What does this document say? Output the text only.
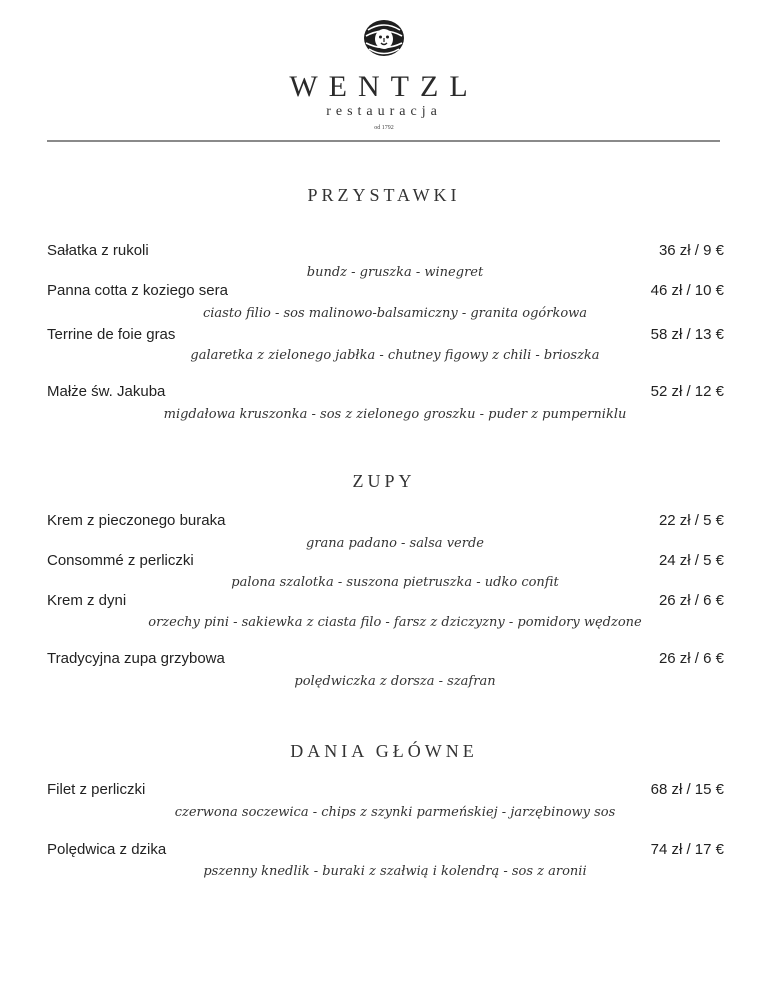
WENTZL
restauracja
od 1792
PRZYSTAWKI
Sałatka z rukoli	36 zł / 9 €
bundz - gruszka - winegret
Panna cotta z koziego sera	46 zł / 10 €
ciasto filio - sos malinowo-balsamiczny - granita ogórkowa
Terrine de foie gras	58 zł / 13 €
galaretka z zielonego jabłka - chutney figowy z chili - brioszka
Małże św. Jakuba	52 zł / 12 €
migdałowa kruszonka - sos z zielonego groszku - puder z pumperniklu
ZUPY
Krem z pieczonego buraka	22 zł / 5 €
grana padano - salsa verde
Consommé z perliczki	24 zł / 5 €
palona szalotka - suszona pietruszka - udko confit
Krem z dyni	26 zł / 6 €
orzechy pini - sakiewka z ciasta filo - farsz z dziczyzny - pomidory wędzone
Tradycyjna zupa grzybowa	26 zł / 6 €
polędwiczka z dorsza - szafran
DANIA GŁÓWNE
Filet z perliczki	68 zł / 15 €
czerwona soczewica - chips z szynki parmeńskiej - jarzębinowy sos
Polędwica z dzika	74 zł / 17 €
pszenny knedlik - buraki z szałwią i kolendrą - sos z aronii
